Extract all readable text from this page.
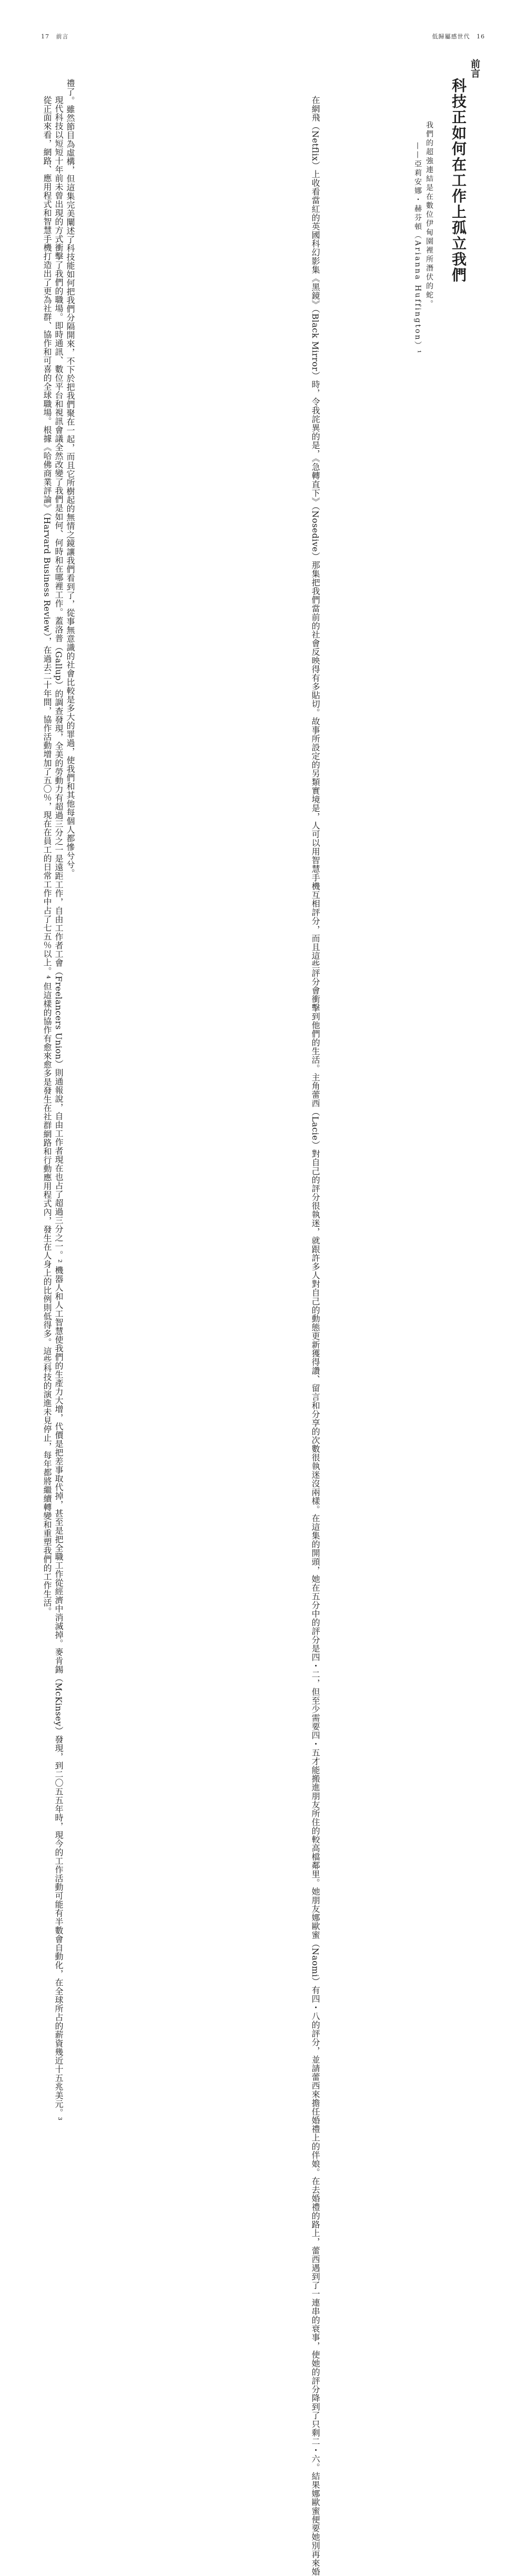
17 前言

禮了。雖然節目為虛構，但這集完美闡述了科技能如何把我們分隔開來，不下於把我們聚在一起，而且它所樹起的無情之鏡讓我們看到了，從事無意識的社會比較是多大的罪過，使我們和其他每個人都慘兮兮。

現代科技以短短十年前未曾出現的方式衝擊了我們的職場。即時通訊、數位平台和視訊會議全然改變了我們是如何、何時和在哪裡工作。蓋洛普（Gallup）的調查發現，全美的勞動力有超過三分之一是遠距工作，自由工作者工會（Freelancers Union）則通報說，自由工作者現在也占了超過三分之一。² 機器人和人工智慧使我們的生產力大增，代價是把差事取代掉，甚至是把全職工作從經濟中消滅掉。麥肯錫（McKinsey）發現，到二〇五五年時，現今的工作活動可能有半數會自動化，在全球所占的薪資幾近十五兆美元。³

從正面來看，網路、應用程式和智慧手機打造出了更為社群、協作和可喜的全球職場。根據《哈佛商業評論》（Harvard Business Review），在過去二十年間，協作活動增加了五〇％，現在在員工的日常工作中占了七五％以上。⁴ 但這樣的協作有愈來愈多是發生在社群網路和行動應用程式內，發生在人身上的比例則低得多。這些科技的演進未見停止，每年都將繼續轉變和重塑我們的工作生活。

低歸屬感世代 16
前言
科技正如何在工作上孤立我們
我們的超強連結是在數位伊甸園裡所潛伏的蛇。
——亞莉安娜・赫芬頓（Arianna Huffington）¹

在網飛（Netflix）上收看當紅的英國科幻影集《黑鏡》（Black Mirror）時，令我詫異的是，《急轉直下》（Nosedive）那集把我們當前的社會反映得有多貼切。故事所設定的另類實境是，人可以用智慧手機互相評分，而且這些評分會衝擊到他們的生活。主角蕾西（Lacie）對自己的評分很執迷，就跟許多人對自己的動態更新獲得讚、留言和分享的次數很執迷沒兩樣。在這集的開頭，她在五分中的評分是四・二，但至少需要四・五才能搬進朋友所住的較高檔鄰里。她朋友娜歐蜜（Naomi）有四・八的評分，並請蕾西來擔任婚禮上的伴娘。在去婚禮的路上，蕾西遇到了一連串的衰事，使她的評分降到了只剩二・六。結果娜歐蜜便要她別再來婚
